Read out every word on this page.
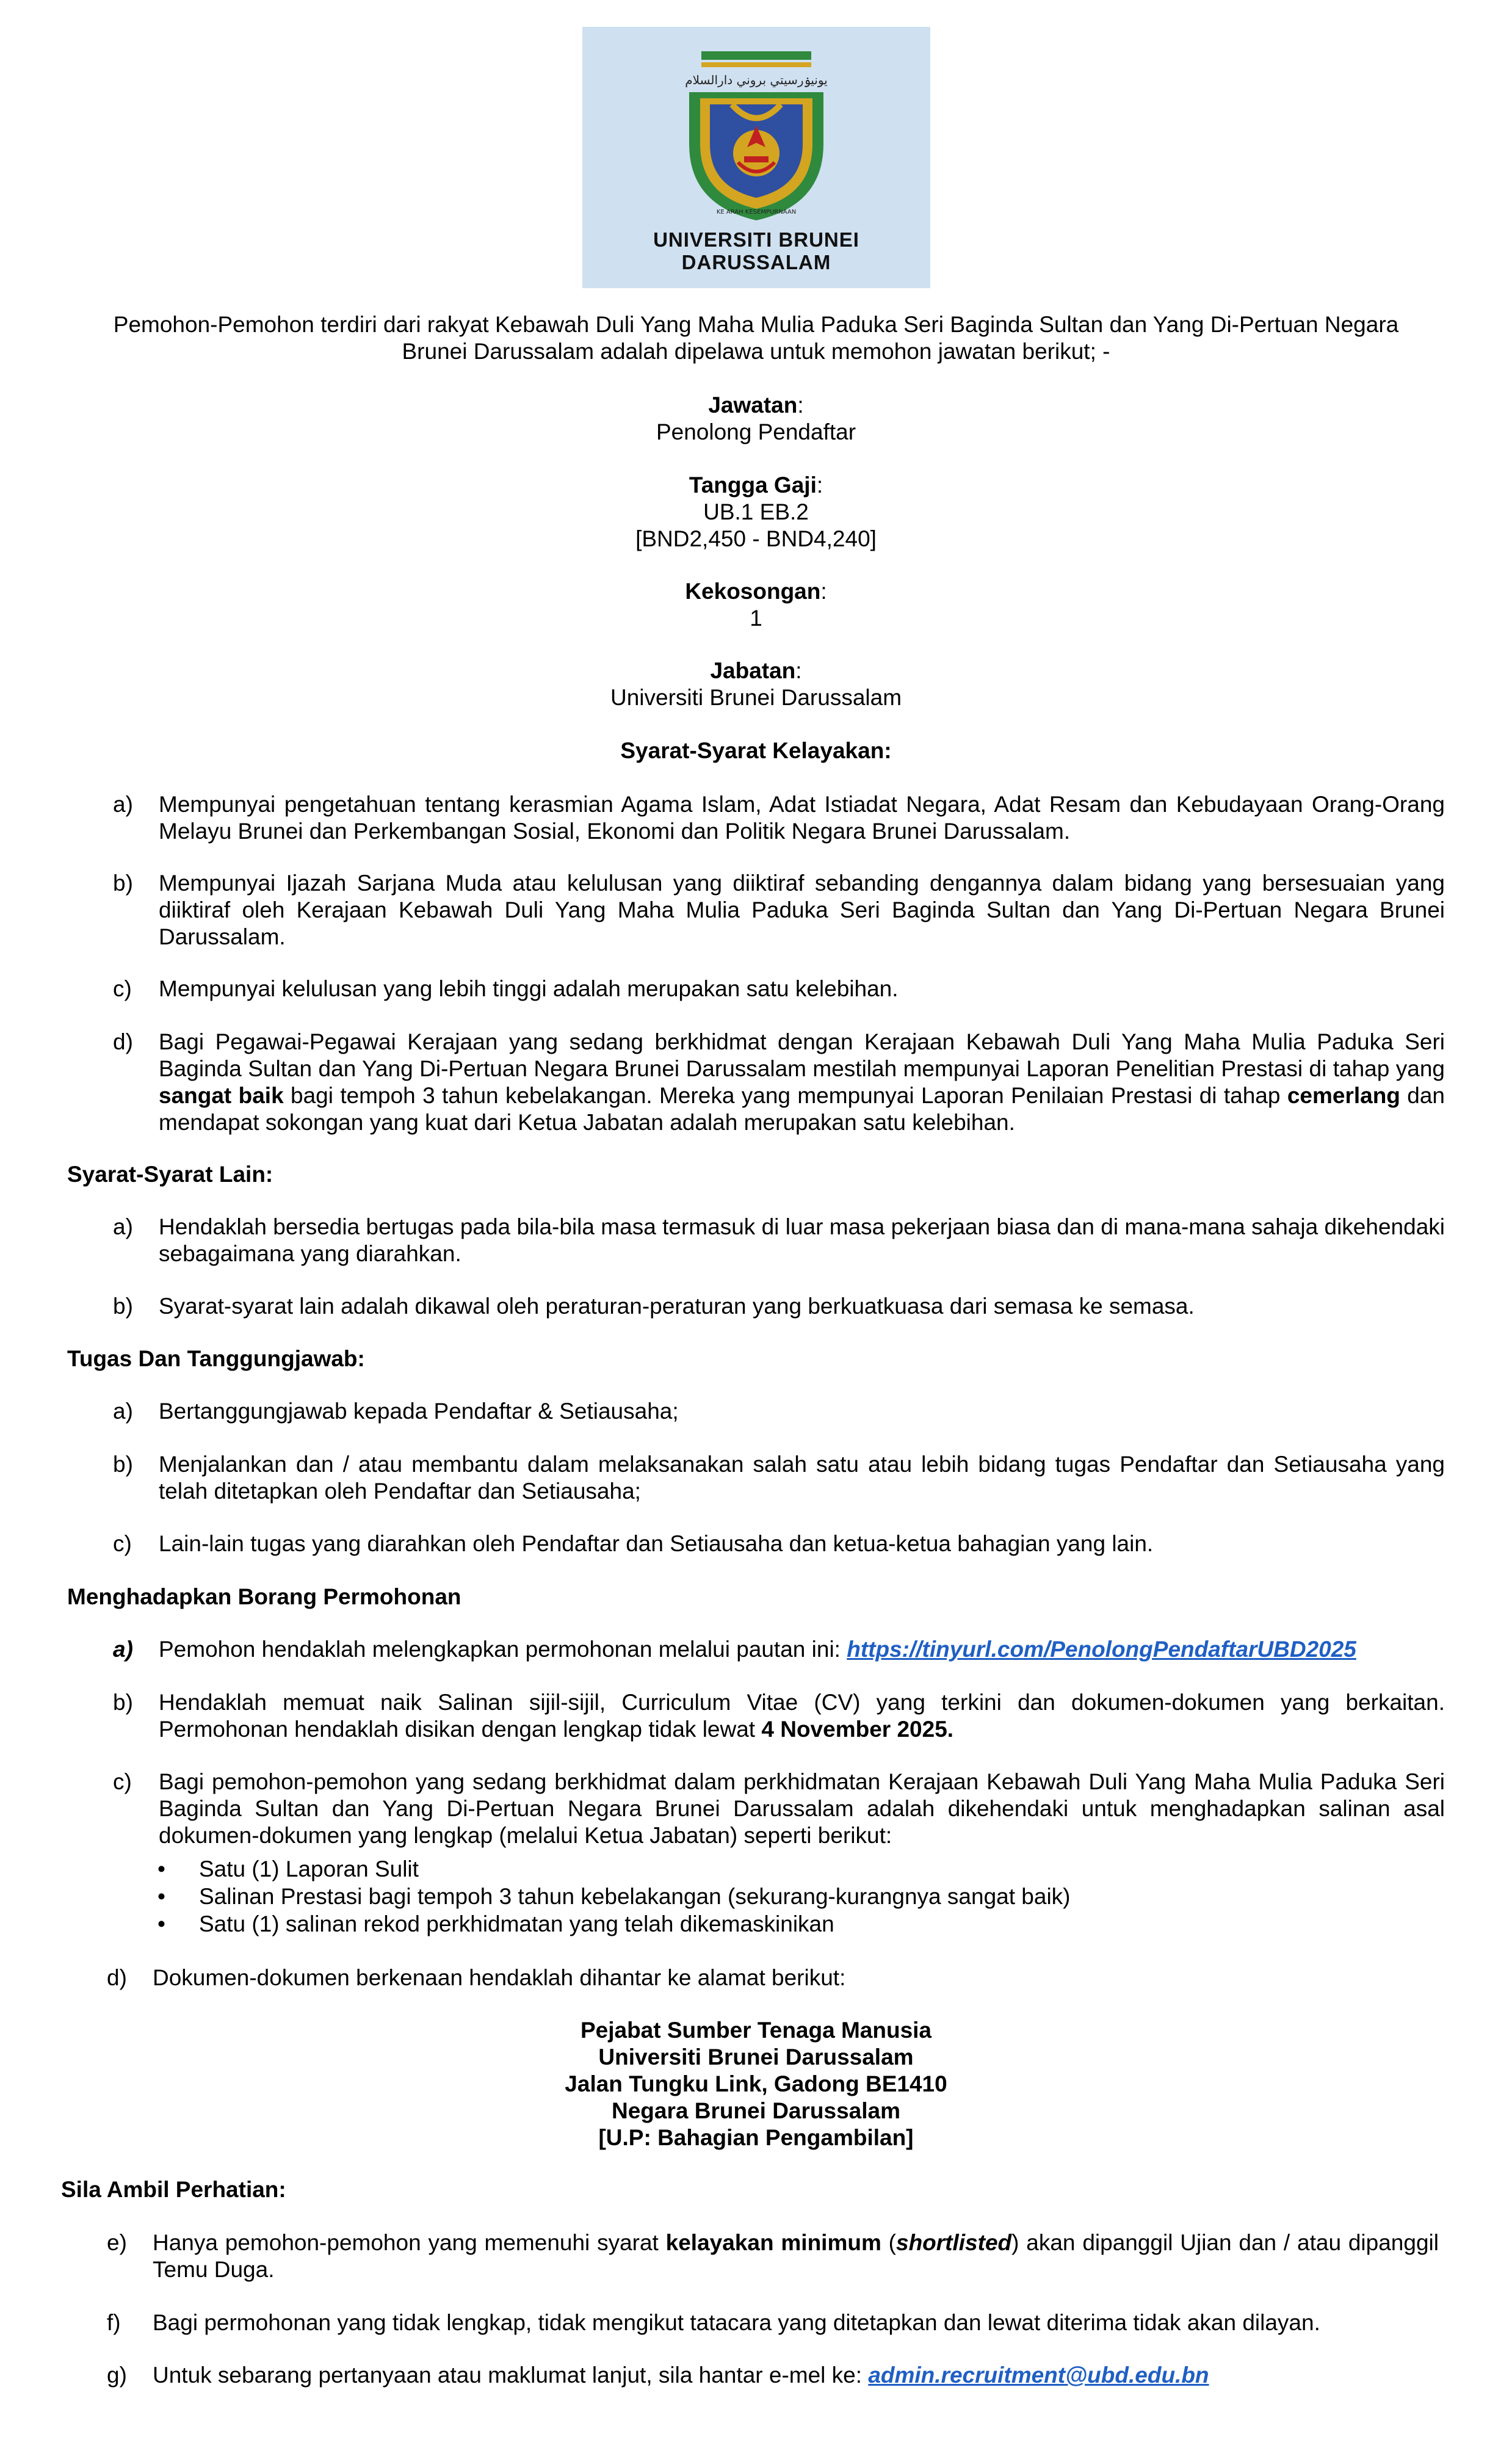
يونيۏرسيتي بروني دارالسلام
KE ARAH KESEMPURNAAN
UNIVERSITI BRUNEI
DARUSSALAM
Pemohon-Pemohon terdiri dari rakyat Kebawah Duli Yang Maha Mulia Paduka Seri Baginda Sultan dan Yang Di-Pertuan Negara
Brunei Darussalam adalah dipelawa untuk memohon jawatan berikut; -
Jawatan:
Penolong Pendaftar
Tangga Gaji:
UB.1 EB.2
[BND2,450 - BND4,240]
Kekosongan:
1
Jabatan:
Universiti Brunei Darussalam
Syarat-Syarat Kelayakan:
a) Mempunyai pengetahuan tentang kerasmian Agama Islam, Adat Istiadat Negara, Adat Resam dan Kebudayaan Orang-Orang Melayu Brunei dan Perkembangan Sosial, Ekonomi dan Politik Negara Brunei Darussalam.
b) Mempunyai Ijazah Sarjana Muda atau kelulusan yang diiktiraf sebanding dengannya dalam bidang yang bersesuaian yang diiktiraf oleh Kerajaan Kebawah Duli Yang Maha Mulia Paduka Seri Baginda Sultan dan Yang Di-Pertuan Negara Brunei Darussalam.
c) Mempunyai kelulusan yang lebih tinggi adalah merupakan satu kelebihan.
d) Bagi Pegawai-Pegawai Kerajaan yang sedang berkhidmat dengan Kerajaan Kebawah Duli Yang Maha Mulia Paduka Seri Baginda Sultan dan Yang Di-Pertuan Negara Brunei Darussalam mestilah mempunyai Laporan Penelitian Prestasi di tahap yang sangat baik bagi tempoh 3 tahun kebelakangan. Mereka yang mempunyai Laporan Penilaian Prestasi di tahap cemerlang dan mendapat sokongan yang kuat dari Ketua Jabatan adalah merupakan satu kelebihan.
Syarat-Syarat Lain:
a) Hendaklah bersedia bertugas pada bila-bila masa termasuk di luar masa pekerjaan biasa dan di mana-mana sahaja dikehendaki sebagaimana yang diarahkan.
b) Syarat-syarat lain adalah dikawal oleh peraturan-peraturan yang berkuatkuasa dari semasa ke semasa.
Tugas Dan Tanggungjawab:
a) Bertanggungjawab kepada Pendaftar & Setiausaha;
b) Menjalankan dan / atau membantu dalam melaksanakan salah satu atau lebih bidang tugas Pendaftar dan Setiausaha yang telah ditetapkan oleh Pendaftar dan Setiausaha;
c) Lain-lain tugas yang diarahkan oleh Pendaftar dan Setiausaha dan ketua-ketua bahagian yang lain.
Menghadapkan Borang Permohonan
a) Pemohon hendaklah melengkapkan permohonan melalui pautan ini: https://tinyurl.com/PenolongPendaftarUBD2025
b) Hendaklah memuat naik Salinan sijil-sijil, Curriculum Vitae (CV) yang terkini dan dokumen-dokumen yang berkaitan. Permohonan hendaklah disikan dengan lengkap tidak lewat 4 November 2025.
c) Bagi pemohon-pemohon yang sedang berkhidmat dalam perkhidmatan Kerajaan Kebawah Duli Yang Maha Mulia Paduka Seri Baginda Sultan dan Yang Di-Pertuan Negara Brunei Darussalam adalah dikehendaki untuk menghadapkan salinan asal dokumen-dokumen yang lengkap (melalui Ketua Jabatan) seperti berikut:
• Satu (1) Laporan Sulit
• Salinan Prestasi bagi tempoh 3 tahun kebelakangan (sekurang-kurangnya sangat baik)
• Satu (1) salinan rekod perkhidmatan yang telah dikemaskinikan
d) Dokumen-dokumen berkenaan hendaklah dihantar ke alamat berikut:
Pejabat Sumber Tenaga Manusia
Universiti Brunei Darussalam
Jalan Tungku Link, Gadong BE1410
Negara Brunei Darussalam
[U.P: Bahagian Pengambilan]
Sila Ambil Perhatian:
e) Hanya pemohon-pemohon yang memenuhi syarat kelayakan minimum (shortlisted) akan dipanggil Ujian dan / atau dipanggil Temu Duga.
f) Bagi permohonan yang tidak lengkap, tidak mengikut tatacara yang ditetapkan dan lewat diterima tidak akan dilayan.
g) Untuk sebarang pertanyaan atau maklumat lanjut, sila hantar e-mel ke: admin.recruitment@ubd.edu.bn
